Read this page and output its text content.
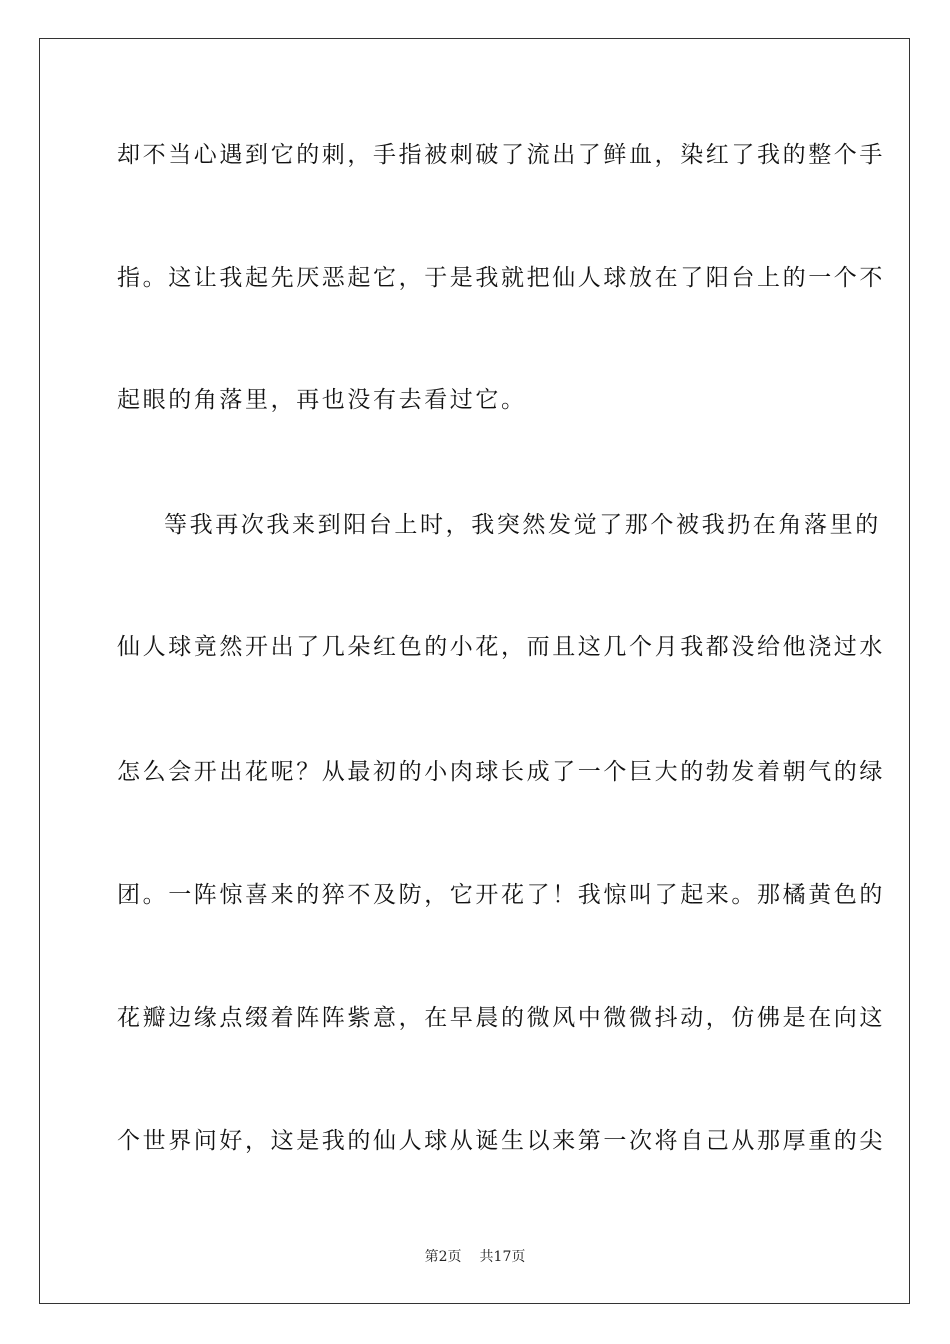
却不当心遇到它的刺，手指被刺破了流出了鲜血，染红了我的整个手
指。这让我起先厌恶起它，于是我就把仙人球放在了阳台上的一个不
起眼的角落里，再也没有去看过它。
等我再次我来到阳台上时，我突然发觉了那个被我扔在角落里的
仙人球竟然开出了几朵红色的小花，而且这几个月我都没给他浇过水
怎么会开出花呢？从最初的小肉球长成了一个巨大的勃发着朝气的绿
团。一阵惊喜来的猝不及防，它开花了！我惊叫了起来。那橘黄色的
花瓣边缘点缀着阵阵紫意，在早晨的微风中微微抖动，仿佛是在向这
个世界问好，这是我的仙人球从诞生以来第一次将自己从那厚重的尖
第2页 共17页
